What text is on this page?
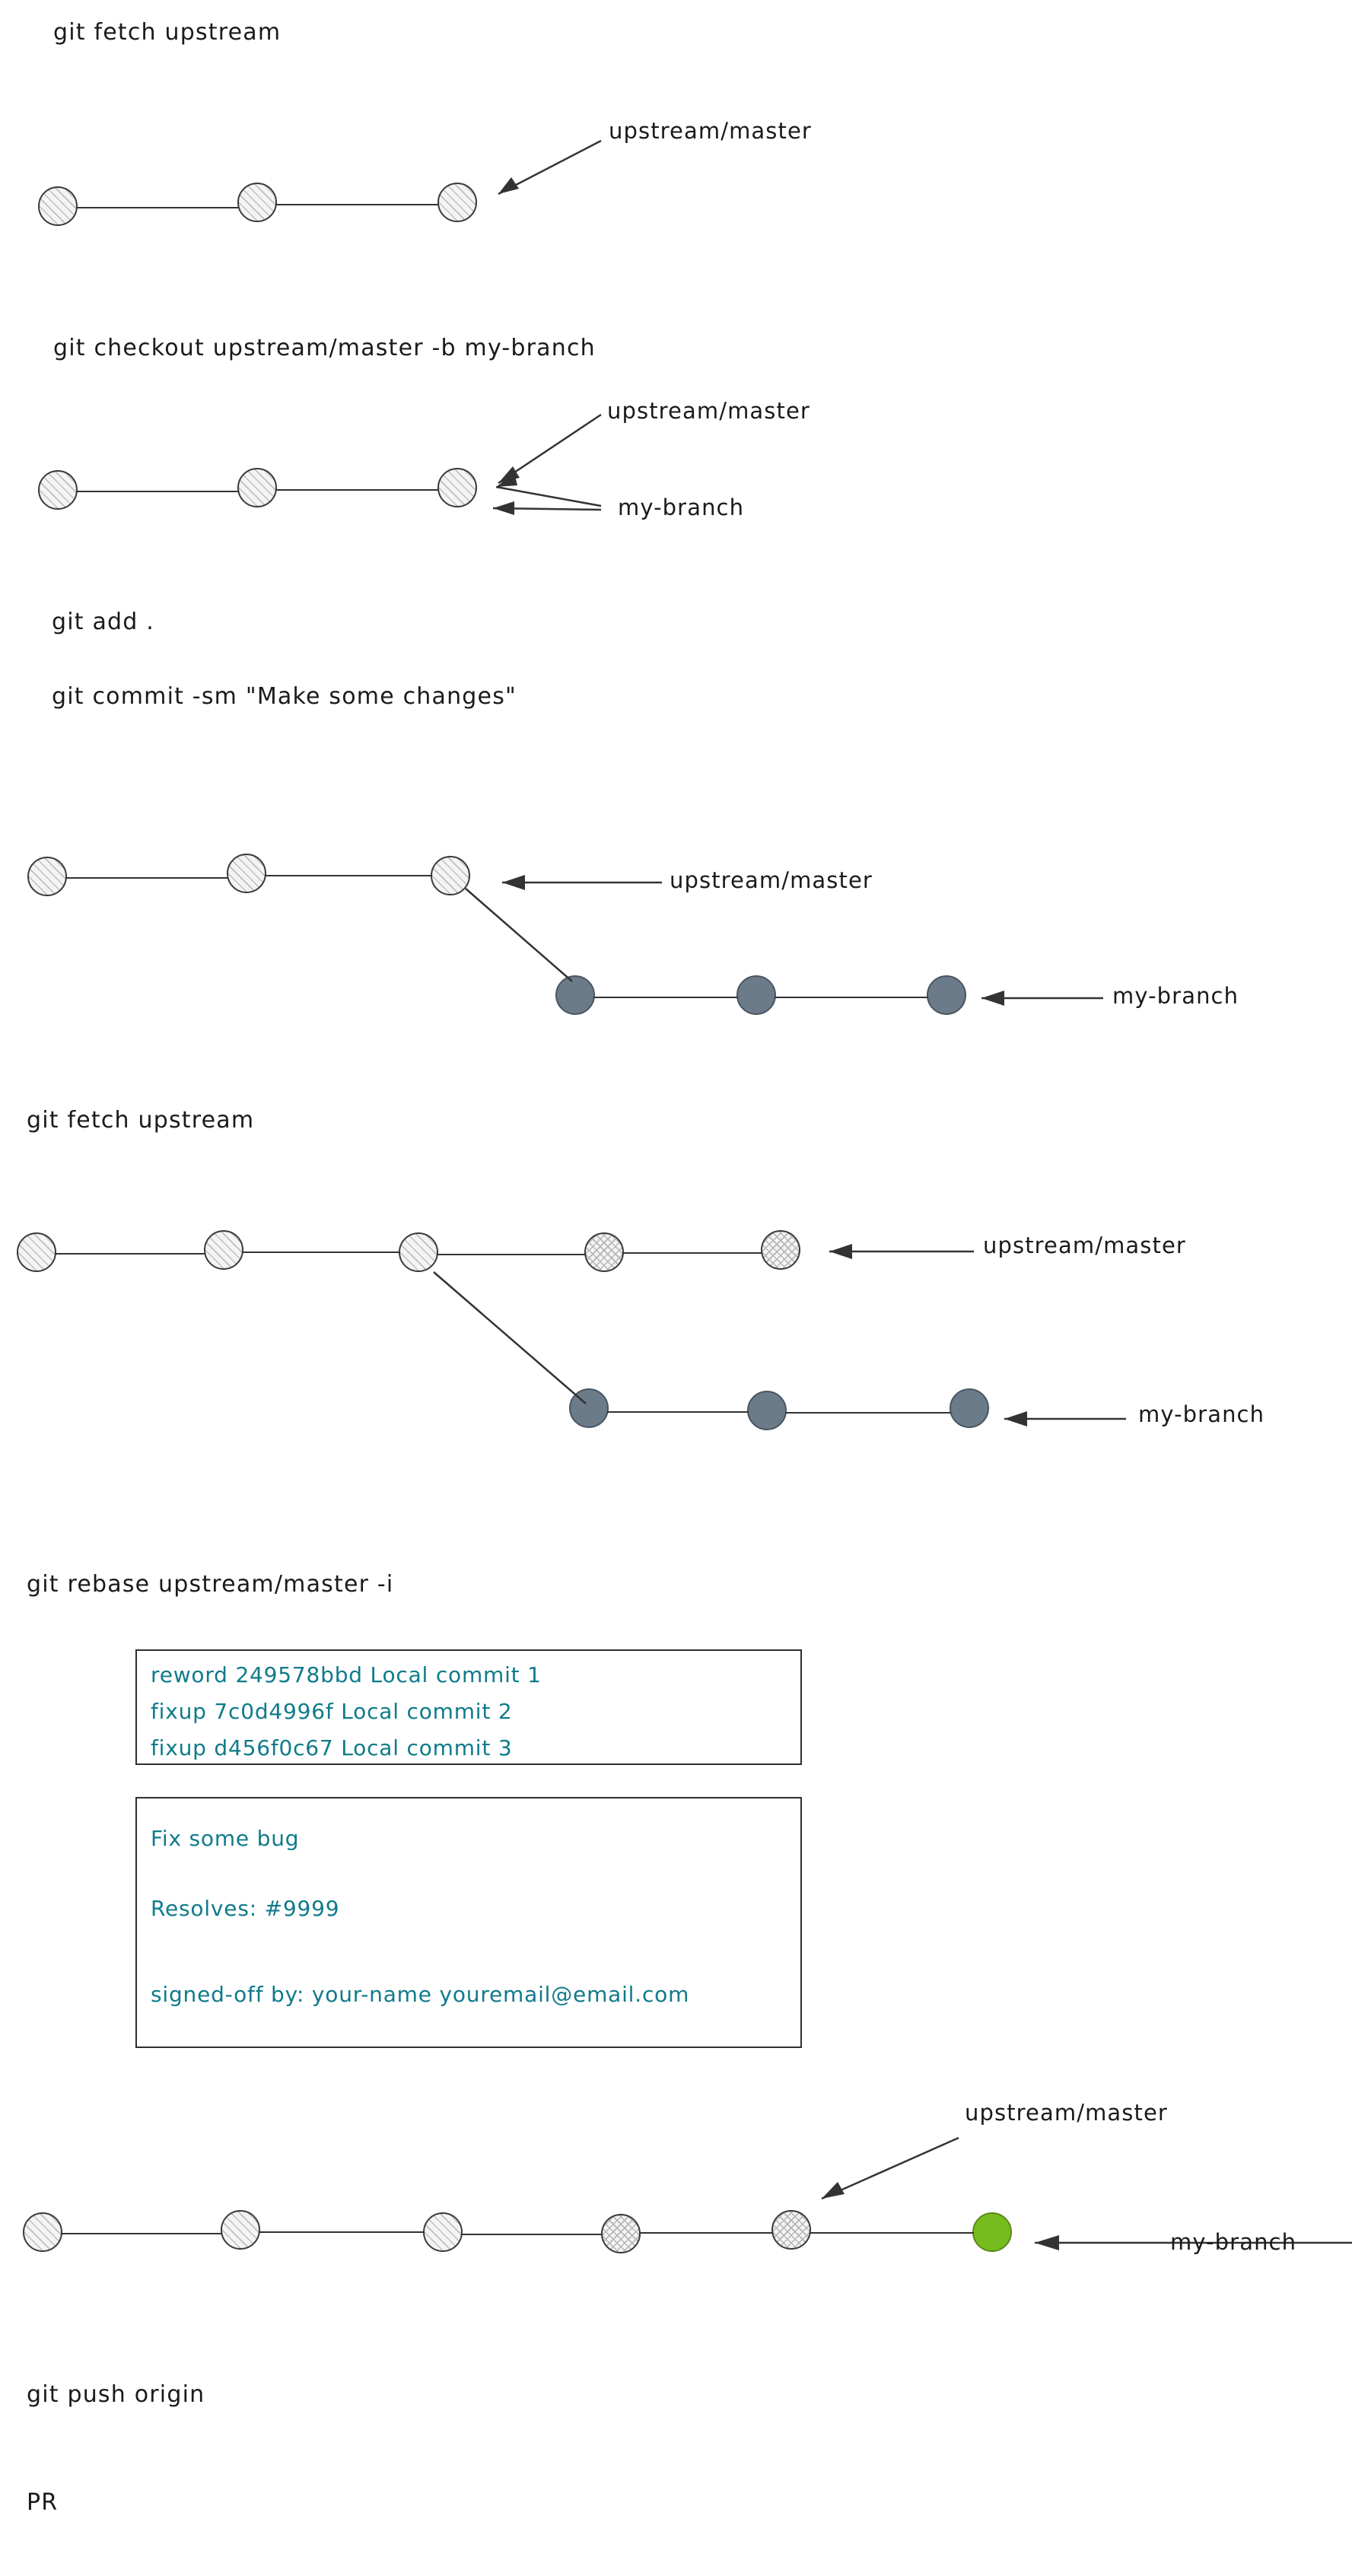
git fetch upstream
upstream/master
git checkout upstream/master -b my-branch
upstream/master
my-branch
git add .
git commit -sm "Make some changes"
upstream/master
my-branch
git fetch upstream
upstream/master
my-branch
git rebase upstream/master -i
reword 249578bbd Local commit 1
fixup 7c0d4996f Local commit 2
fixup d456f0c67 Local commit 3
Fix some bug
Resolves: #9999
signed-off by: your-name youremail@email.com
upstream/master
my-branch
git push origin
PR
